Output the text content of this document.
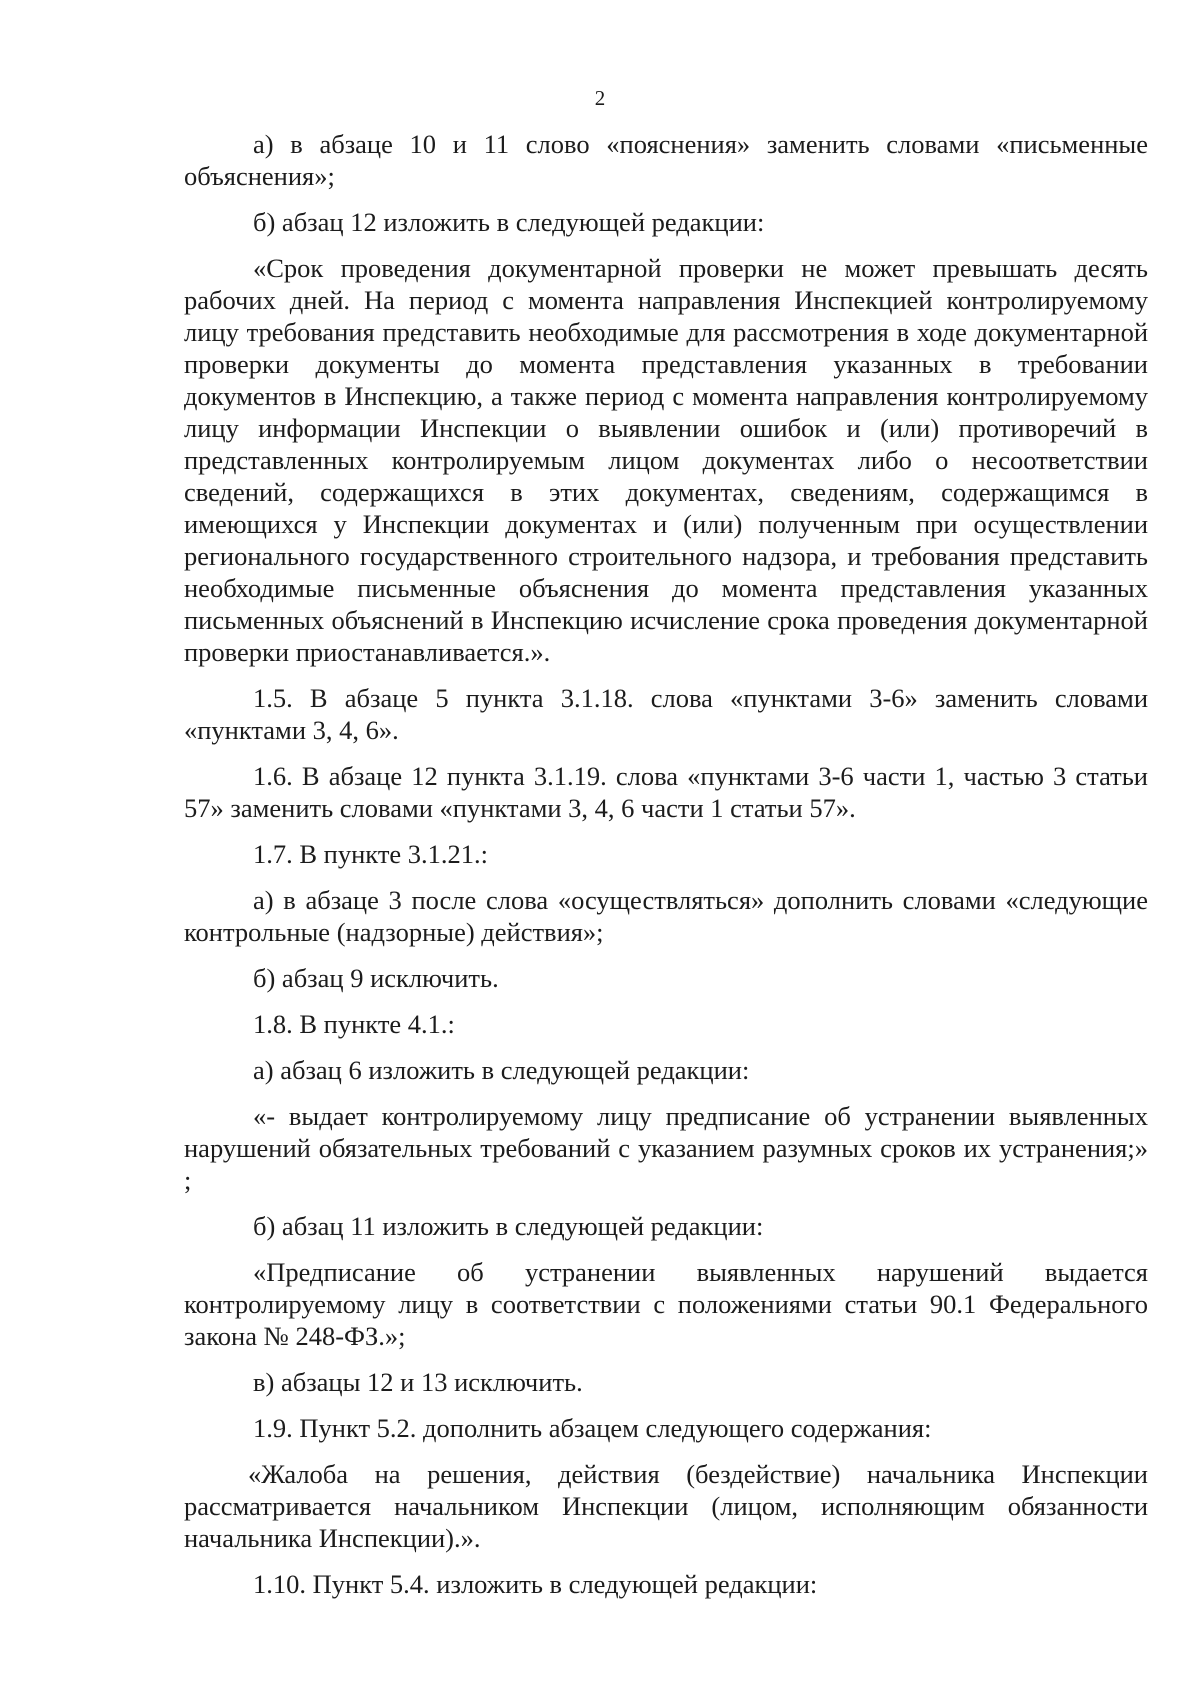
2

а) в абзаце 10 и 11 слово «пояснения» заменить словами «письменные объяснения»;

б) абзац 12 изложить в следующей редакции:

«Срок проведения документарной проверки не может превышать десять рабочих дней. На период с момента направления Инспекцией контролируемому лицу требования представить необходимые для рассмотрения в ходе документарной проверки документы до момента представления указанных в требовании документов в Инспекцию, а также период с момента направления контролируемому лицу информации Инспекции о выявлении ошибок и (или) противоречий в представленных контролируемым лицом документах либо о несоответствии сведений, содержащихся в этих документах, сведениям, содержащимся в имеющихся у Инспекции документах и (или) полученным при осуществлении регионального государственного строительного надзора, и требования представить необходимые письменные объяснения до момента представления указанных письменных объяснений в Инспекцию исчисление срока проведения документарной проверки приостанавливается.».

1.5. В абзаце 5 пункта 3.1.18. слова «пунктами 3-6» заменить словами «пунктами 3, 4, 6».

1.6. В абзаце 12 пункта 3.1.19. слова «пунктами 3-6 части 1, частью 3 статьи 57» заменить словами «пунктами 3, 4, 6 части 1 статьи 57».

1.7. В пункте 3.1.21.:

а) в абзаце 3 после слова «осуществляться» дополнить словами «следующие контрольные (надзорные) действия»;

б) абзац 9 исключить.

1.8. В пункте 4.1.:

а) абзац 6 изложить в следующей редакции:

«- выдает контролируемому лицу предписание об устранении выявленных нарушений обязательных требований с указанием разумных сроков их устранения;» ;

б) абзац 11 изложить в следующей редакции:

«Предписание об устранении выявленных нарушений выдается контролируемому лицу в соответствии с положениями статьи 90.1 Федерального закона № 248-ФЗ.»;

в) абзацы 12 и 13 исключить.

1.9. Пункт 5.2. дополнить абзацем следующего содержания:

«Жалоба на решения, действия (бездействие) начальника Инспекции рассматривается начальником Инспекции (лицом, исполняющим обязанности начальника Инспекции).».

1.10. Пункт 5.4. изложить в следующей редакции:
